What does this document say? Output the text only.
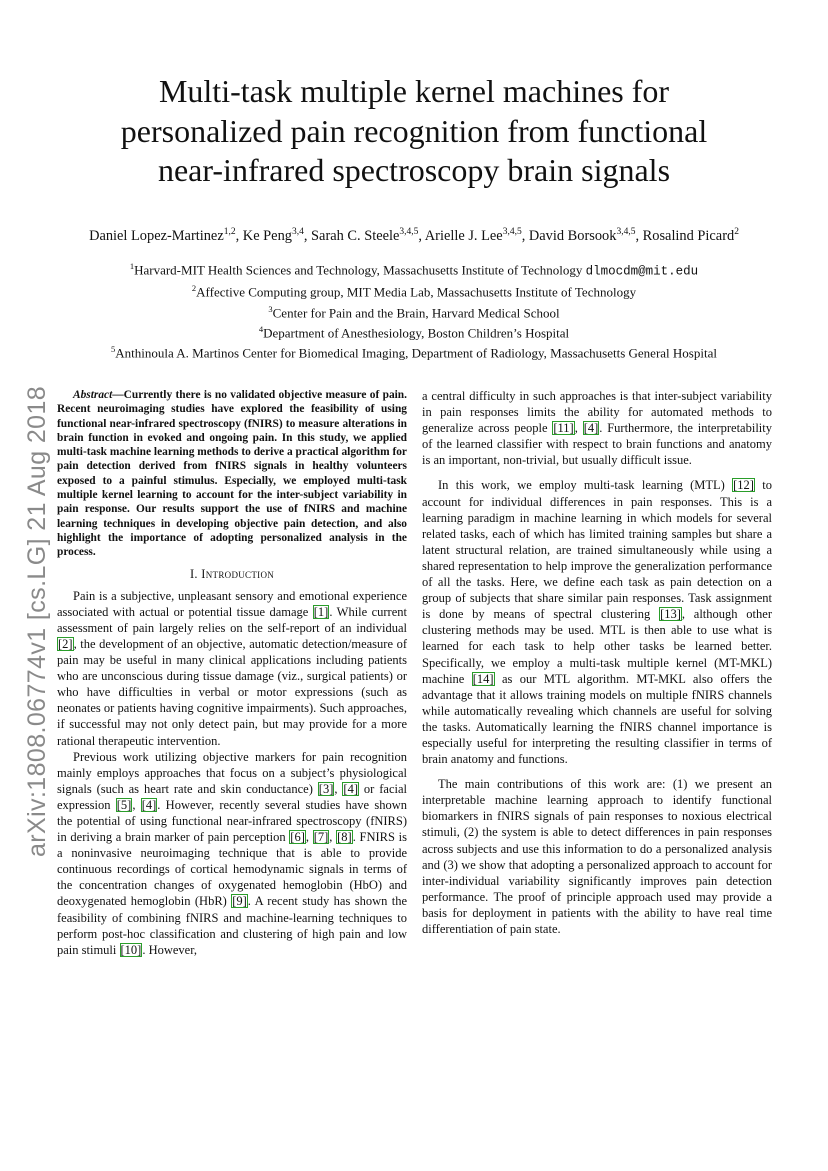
arXiv:1808.06774v1 [cs.LG] 21 Aug 2018
Multi-task multiple kernel machines for
personalized pain recognition from functional
near-infrared spectroscopy brain signals
Daniel Lopez-Martinez$^{1,2}$, Ke Peng$^{3,4}$, Sarah C. Steele$^{3,4,5}$, Arielle J. Lee$^{3,4,5}$, David Borsook$^{3,4,5}$, Rosalind Picard$^2$
$^1$Harvard-MIT Health Sciences and Technology, Massachusetts Institute of Technology dlmocdm@mit.edu
$^2$Affective Computing group, MIT Media Lab, Massachusetts Institute of Technology
$^3$Center for Pain and the Brain, Harvard Medical School
$^4$Department of Anesthesiology, Boston Children’s Hospital
$^5$Anthinoula A. Martinos Center for Biomedical Imaging, Department of Radiology, Massachusetts General Hospital

Abstract—Currently there is no validated objective measure of pain. Recent neuroimaging studies have explored the feasibility of using functional near-infrared spectroscopy (fNIRS) to measure alterations in brain function in evoked and ongoing pain. In this study, we applied multi-task machine learning methods to derive a practical algorithm for pain detection derived from fNIRS signals in healthy volunteers exposed to a painful stimulus. Especially, we employed multi-task multiple kernel learning to account for the inter-subject variability in pain response. Our results support the use of fNIRS and machine learning techniques in developing objective pain detection, and also highlight the importance of adopting personalized analysis in the process.

I. Introduction

Pain is a subjective, unpleasant sensory and emotional experience associated with actual or potential tissue damage [1]. While current assessment of pain largely relies on the self-report of an individual [2], the development of an objective, automatic detection/measure of pain may be useful in many clinical applications including patients who are unconscious during tissue damage (viz., surgical patients) or who have difficulties in verbal or motor expressions (such as neonates or patients having cognitive impairments). Such approaches, if successful may not only detect pain, but may provide for a more rational therapeutic intervention.

Previous work utilizing objective markers for pain recognition mainly employs approaches that focus on a subject’s physiological signals (such as heart rate and skin conductance) [3], [4] or facial expression [5], [4]. However, recently several studies have shown the potential of using functional near-infrared spectroscopy (fNIRS) in deriving a brain marker of pain perception [6], [7], [8]. FNIRS is a noninvasive neuroimaging technique that is able to provide continuous recordings of cortical hemodynamic signals in terms of the concentration changes of oxygenated hemoglobin (HbO) and deoxygenated hemoglobin (HbR) [9]. A recent study has shown the feasibility of combining fNIRS and machine-learning techniques to perform post-hoc classification and clustering of high pain and low pain stimuli [10]. However,

a central difficulty in such approaches is that inter-subject variability in pain responses limits the ability for automated methods to generalize across people [11], [4]. Furthermore, the interpretability of the learned classifier with respect to brain functions and anatomy is an important, non-trivial, but usually difficult issue.

In this work, we employ multi-task learning (MTL) [12] to account for individual differences in pain responses. This is a learning paradigm in machine learning in which models for several related tasks, each of which has limited training samples but share a latent structural relation, are trained simultaneously while using a shared representation to help improve the generalization performance of all the tasks. Here, we define each task as pain detection on a group of subjects that share similar pain responses. Task assignment is done by means of spectral clustering [13], although other clustering methods may be used. MTL is then able to use what is learned for each task to help other tasks be learned better. Specifically, we employ a multi-task multiple kernel (MT-MKL) machine [14] as our MTL algorithm. MT-MKL also offers the advantage that it allows training models on multiple fNIRS channels while automatically revealing which channels are useful for solving the tasks. Automatically learning the fNIRS channel importance is especially useful for interpreting the resulting classifier in terms of brain anatomy and functions.

The main contributions of this work are: (1) we present an interpretable machine learning approach to identify functional biomarkers in fNIRS signals of pain responses to noxious electrical stimuli, (2) the system is able to detect differences in pain responses across subjects and use this information to do a personalized analysis and (3) we show that adopting a personalized approach to account for inter-individual variability significantly improves pain detection performance. The proof of principle approach used may provide a basis for deployment in patients with the ability to have real time differentiation of pain state.
